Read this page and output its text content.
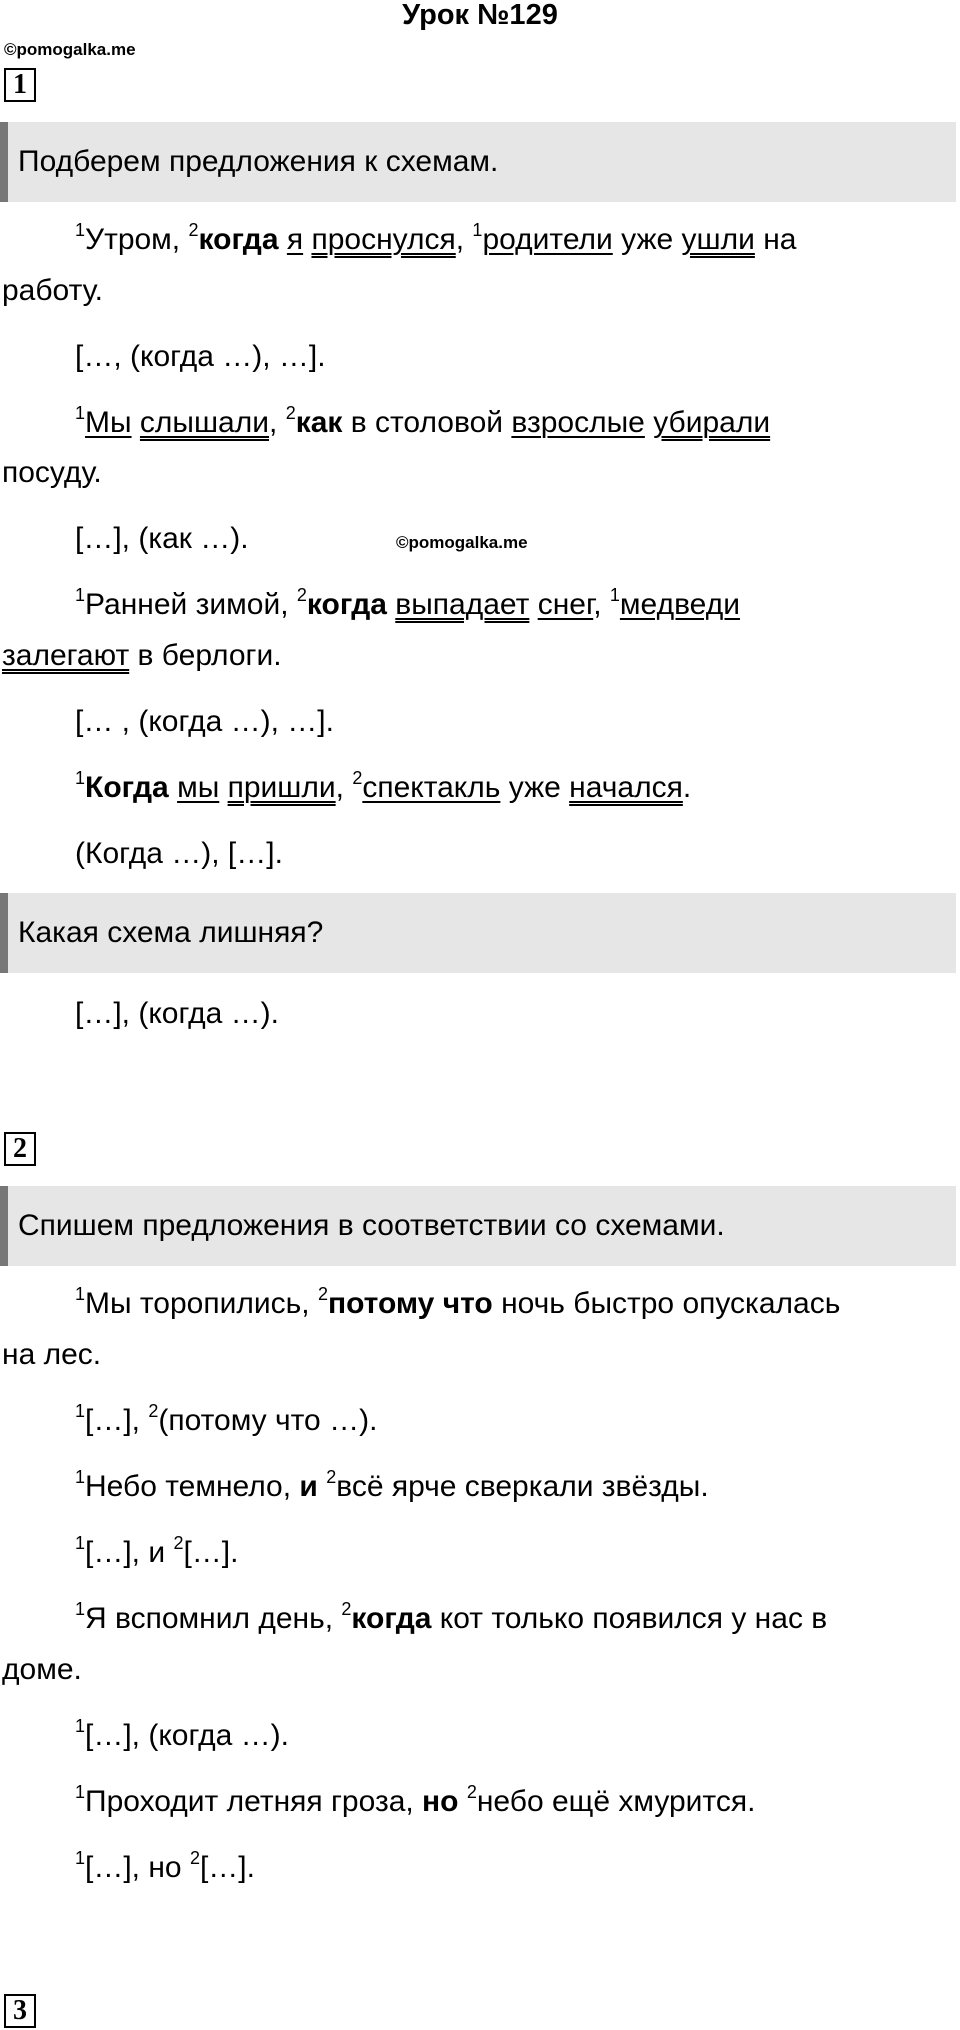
Урок №129
©pomogalka.me
1
Подберем предложения к схемам.
$^1$Утром, $^2$когда я проснулся, $^1$родители уже ушли на
работу.
[…, (когда …), …].
$^1$Мы слышали, $^2$как в столовой взрослые убирали
посуду.
[…], (как …).	©pomogalka.me
$^1$Ранней зимой, $^2$когда выпадает снег, $^1$медведи
залегают в берлоги.
[… , (когда …), …].
$^1$Когда мы пришли, $^2$спектакль уже начался.
(Когда …), […].
Какая схема лишняя?
[…], (когда …).
2
Спишем предложения в соответствии со схемами.
$^1$Мы торопились, $^2$потому что ночь быстро опускалась
на лес.
$^1$[…], $^2$(потому что …).
$^1$Небо темнело, и $^2$всё ярче сверкали звёзды.
$^1$[…], и $^2$[…].
$^1$Я вспомнил день, $^2$когда кот только появился у нас в
доме.
$^1$[…], (когда …).
$^1$Проходит летняя гроза, но $^2$небо ещё хмурится.
$^1$[…], но $^2$[…].
3
